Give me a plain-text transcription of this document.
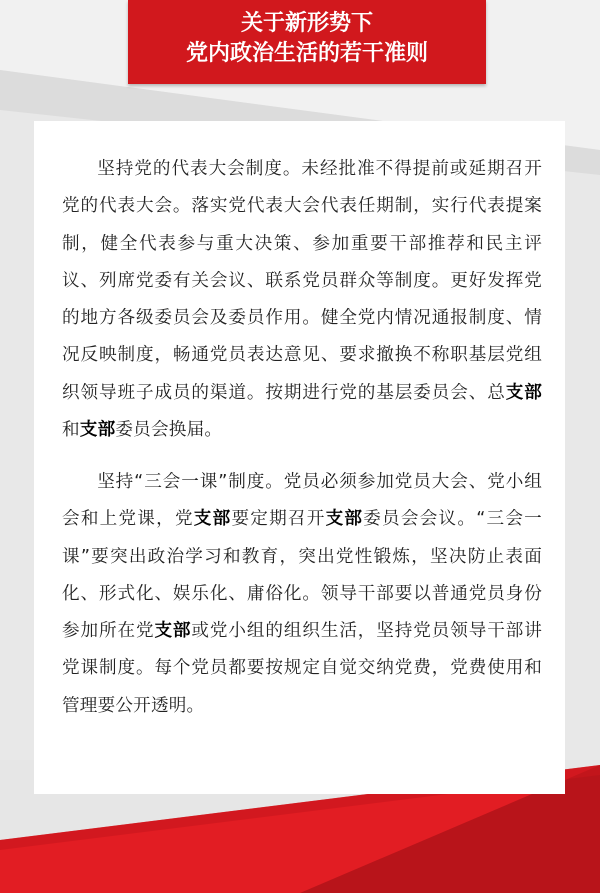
关于新形势下
党内政治生活的若干准则

坚持党的代表大会制度。未经批准不得提前或延期召开党的代表大会。落实党代表大会代表任期制，实行代表提案制，健全代表参与重大决策、参加重要干部推荐和民主评议、列席党委有关会议、联系党员群众等制度。更好发挥党的地方各级委员会及委员作用。健全党内情况通报制度、情况反映制度，畅通党员表达意见、要求撤换不称职基层党组织领导班子成员的渠道。按期进行党的基层委员会、总支部和支部委员会换届。

坚持“三会一课”制度。党员必须参加党员大会、党小组会和上党课，党支部要定期召开支部委员会会议。“三会一课”要突出政治学习和教育，突出党性锻炼，坚决防止表面化、形式化、娱乐化、庸俗化。领导干部要以普通党员身份参加所在党支部或党小组的组织生活，坚持党员领导干部讲党课制度。每个党员都要按规定自觉交纳党费，党费使用和管理要公开透明。
